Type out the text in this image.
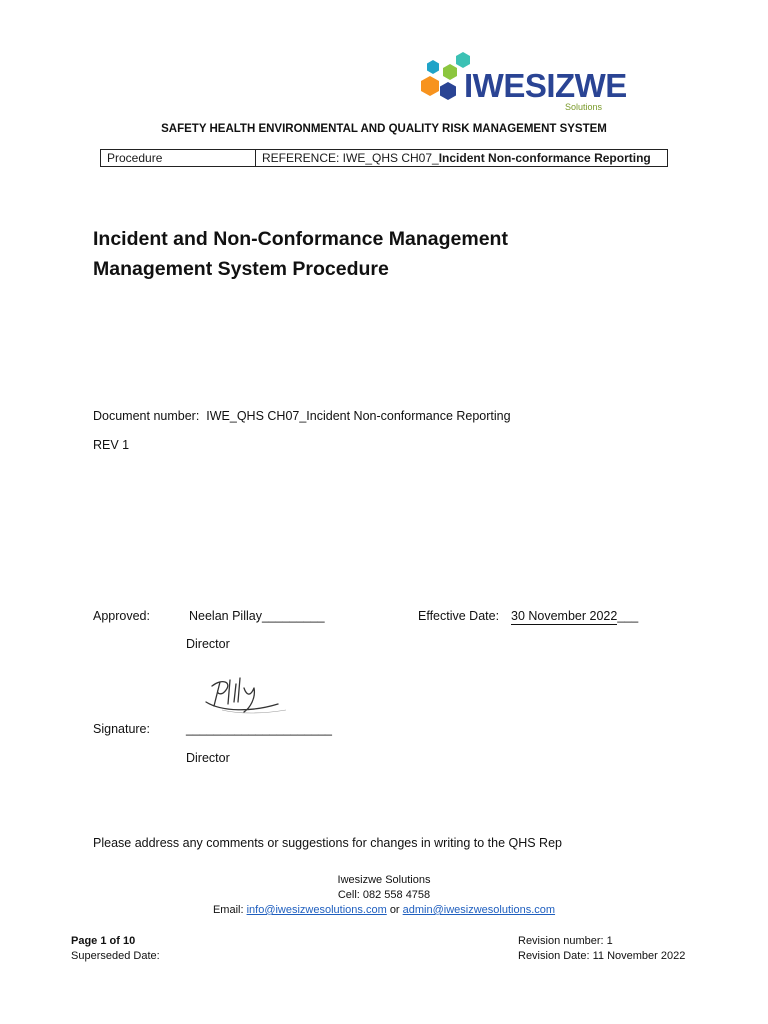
IWESIZWE
Solutions
SAFETY HEALTH ENVIRONMENTAL AND QUALITY RISK MANAGEMENT SYSTEM
Procedure	REFERENCE: IWE_QHS CH07_Incident Non-conformance Reporting
Incident and Non-Conformance Management
Management System Procedure
Document number: IWE_QHS CH07_Incident Non-conformance Reporting
REV 1
Approved:	Neelan Pillay_________
Director
Effective Date: 30 November 2022___
Signature:	_____________________
Director
Please address any comments or suggestions for changes in writing to the QHS Rep
Iwesizwe Solutions
Cell: 082 558 4758
Email: info@iwesizwesolutions.com or admin@iwesizwesolutions.com
Page 1 of 10
Superseded Date:
Revision number: 1
Revision Date: 11 November 2022
